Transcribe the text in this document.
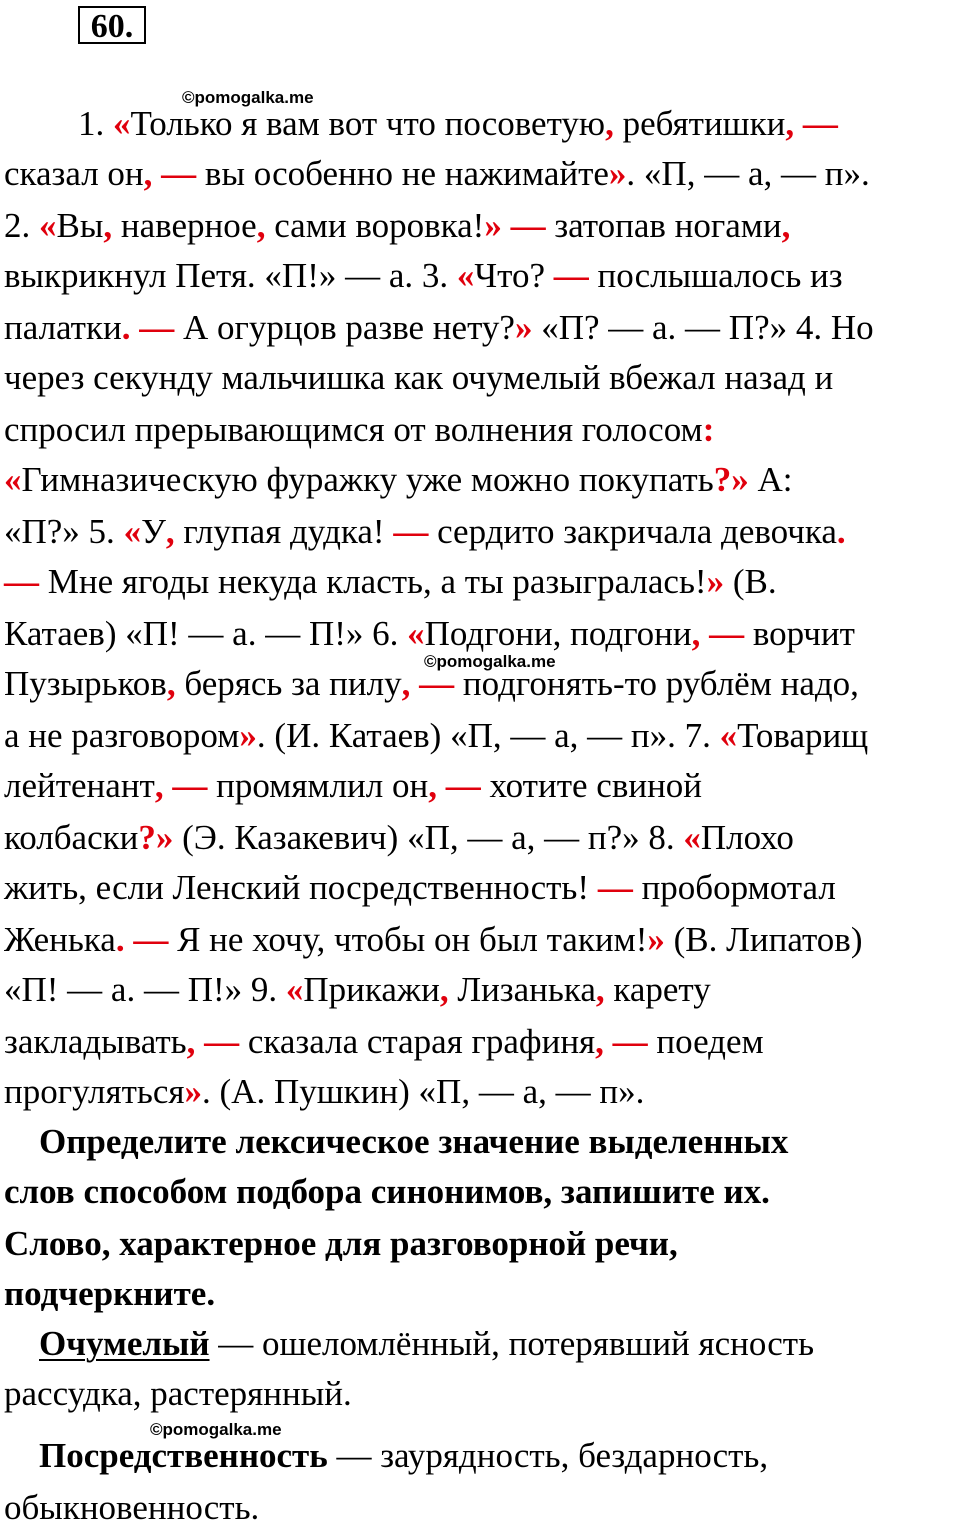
60.
©pomogalka.me
©pomogalka.me
©pomogalka.me
1. «Только я вам вот что посоветую, ребятишки, —
сказал он, — вы особенно не нажимайте». «П, — а, — п».
2. «Вы, наверное, сами воровка!» — затопав ногами,
выкрикнул Петя. «П!» — а. 3. «Что? — послышалось из
палатки. — А огурцов разве нету?» «П? — а. — П?» 4. Но
через секунду мальчишка как очумелый вбежал назад и
спросил прерывающимся от волнения голосом:
«Гимназическую фуражку уже можно покупать?» А:
«П?» 5. «У, глупая дудка! — сердито закричала девочка.
— Мне ягоды некуда класть, а ты разыгралась!» (В.
Катаев) «П! — а. — П!» 6. «Подгони, подгони, — ворчит
Пузырьков, берясь за пилу, — подгонять-то рублём надо,
а не разговором». (И. Катаев) «П, — а, — п». 7. «Товарищ
лейтенант, — промямлил он, — хотите свиной
колбаски?» (Э. Казакевич) «П, — а, — п?» 8. «Плохо
жить, если Ленский посредственность! — пробормотал
Женька. — Я не хочу, чтобы он был таким!» (В. Липатов)
«П! — а. — П!» 9. «Прикажи, Лизанька, карету
закладывать, — сказала старая графиня, — поедем
прогуляться». (А. Пушкин) «П, — а, — п».
Определите лексическое значение выделенных
слов способом подбора синонимов, запишите их.
Слово, характерное для разговорной речи,
подчеркните.
Очумелый — ошеломлённый, потерявший ясность
рассудка, растерянный.
Посредственность — заурядность, бездарность,
обыкновенность.
